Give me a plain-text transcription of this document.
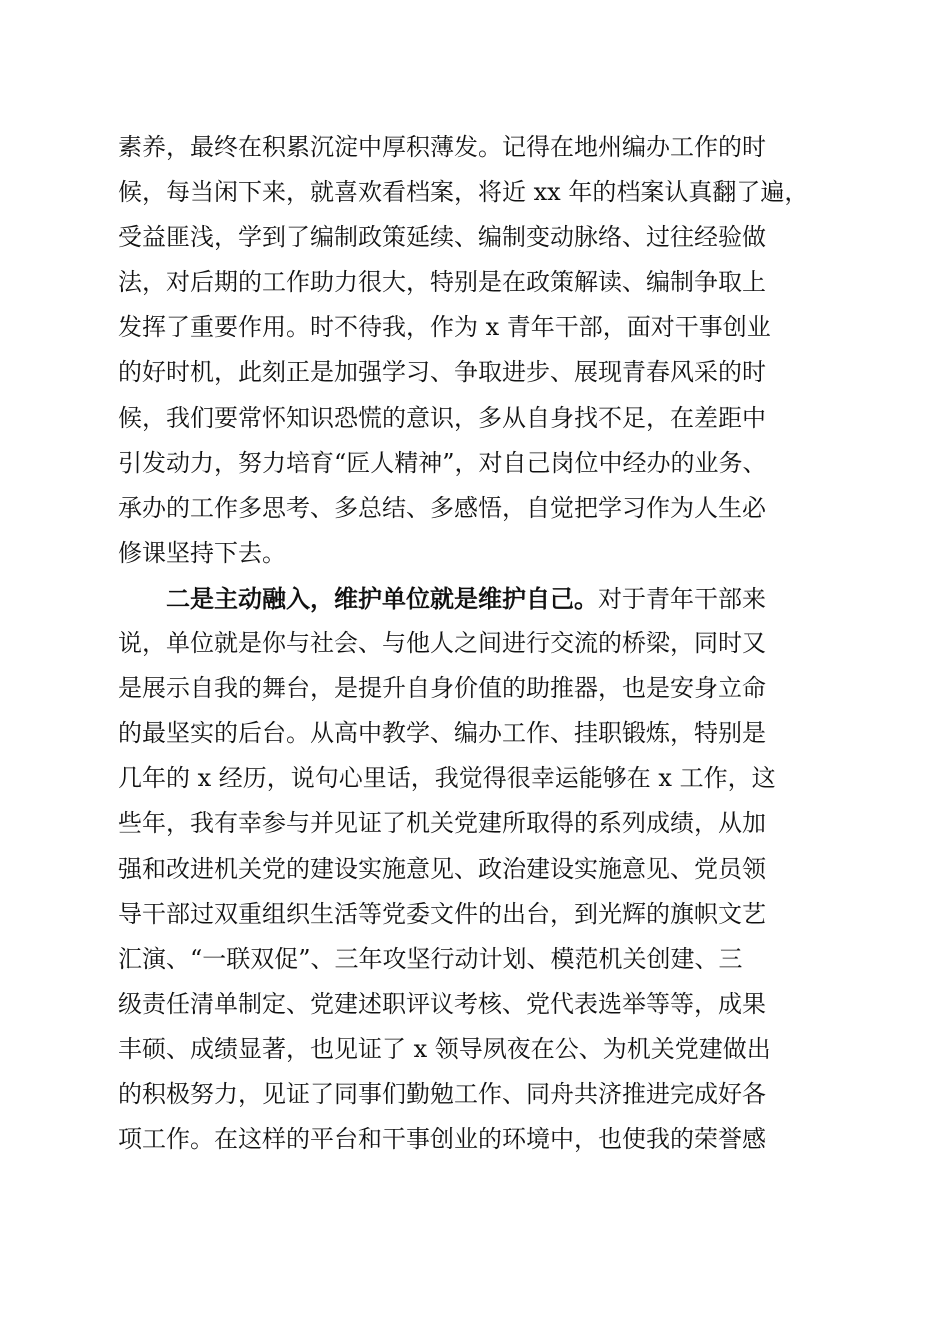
素养，最终在积累沉淀中厚积薄发。记得在地州编办工作的时
候，每当闲下来，就喜欢看档案，将近 xx 年的档案认真翻了遍，
受益匪浅，学到了编制政策延续、编制变动脉络、过往经验做
法，对后期的工作助力很大，特别是在政策解读、编制争取上
发挥了重要作用。时不待我，作为 x 青年干部，面对干事创业
的好时机，此刻正是加强学习、争取进步、展现青春风采的时
候，我们要常怀知识恐慌的意识，多从自身找不足，在差距中
引发动力，努力培育“匠人精神”，对自己岗位中经办的业务、
承办的工作多思考、多总结、多感悟，自觉把学习作为人生必
修课坚持下去。
二是主动融入，维护单位就是维护自己。对于青年干部来
说，单位就是你与社会、与他人之间进行交流的桥梁，同时又
是展示自我的舞台，是提升自身价值的助推器，也是安身立命
的最坚实的后台。从高中教学、编办工作、挂职锻炼，特别是
几年的 x 经历，说句心里话，我觉得很幸运能够在 x 工作，这
些年，我有幸参与并见证了机关党建所取得的系列成绩，从加
强和改进机关党的建设实施意见、政治建设实施意见、党员领
导干部过双重组织生活等党委文件的出台，到光辉的旗帜文艺
汇演、“一联双促”、三年攻坚行动计划、模范机关创建、三
级责任清单制定、党建述职评议考核、党代表选举等等，成果
丰硕、成绩显著，也见证了 x 领导夙夜在公、为机关党建做出
的积极努力，见证了同事们勤勉工作、同舟共济推进完成好各
项工作。在这样的平台和干事创业的环境中，也使我的荣誉感
